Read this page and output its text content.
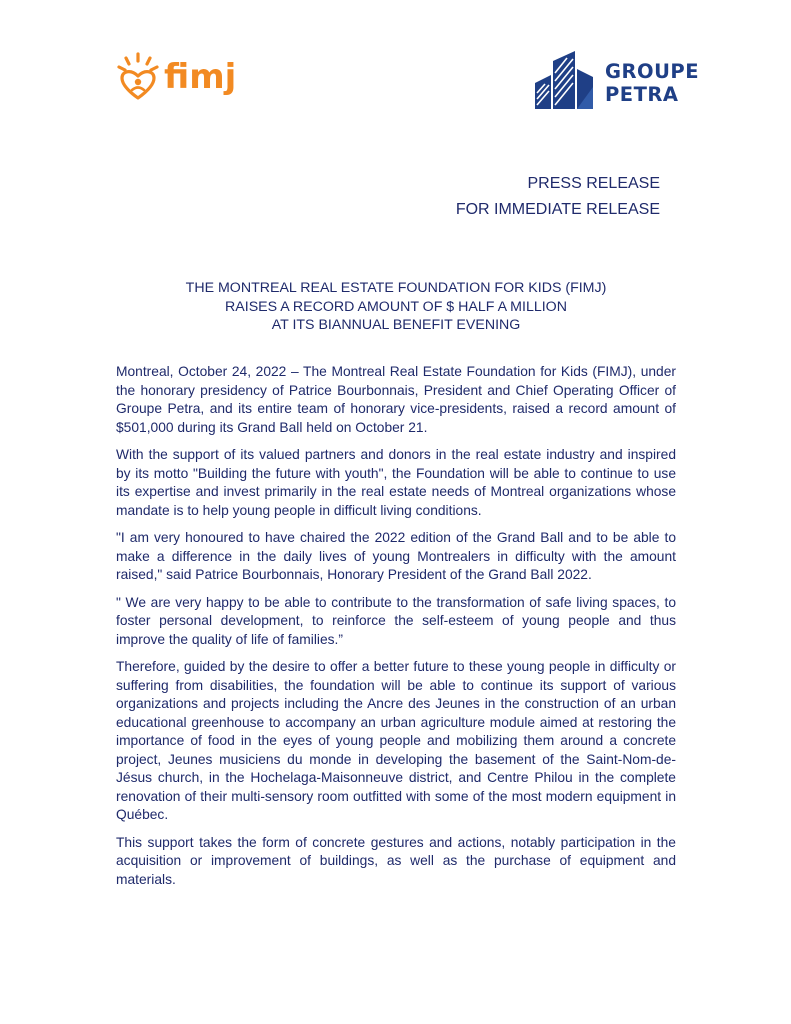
fimj	GROUPE
PETRA
PRESS RELEASE
FOR IMMEDIATE RELEASE
THE MONTREAL REAL ESTATE FOUNDATION FOR KIDS (FIMJ)
RAISES A RECORD AMOUNT OF $ HALF A MILLION
AT ITS BIANNUAL BENEFIT EVENING

Montreal, October 24, 2022 – The Montreal Real Estate Foundation for Kids (FIMJ), under the honorary presidency of Patrice Bourbonnais, President and Chief Operating Officer of Groupe Petra, and its entire team of honorary vice-presidents, raised a record amount of $501,000 during its Grand Ball held on October 21.

With the support of its valued partners and donors in the real estate industry and inspired by its motto "Building the future with youth", the Foundation will be able to continue to use its expertise and invest primarily in the real estate needs of Montreal organizations whose mandate is to help young people in difficult living conditions.

"I am very honoured to have chaired the 2022 edition of the Grand Ball and to be able to make a difference in the daily lives of young Montrealers in difficulty with the amount raised," said Patrice Bourbonnais, Honorary President of the Grand Ball 2022.

" We are very happy to be able to contribute to the transformation of safe living spaces, to foster personal development, to reinforce the self-esteem of young people and thus improve the quality of life of families.”

Therefore, guided by the desire to offer a better future to these young people in difficulty or suffering from disabilities, the foundation will be able to continue its support of various organizations and projects including the Ancre des Jeunes in the construction of an urban educational greenhouse to accompany an urban agriculture module aimed at restoring the importance of food in the eyes of young people and mobilizing them around a concrete project, Jeunes musiciens du monde in developing the basement of the Saint-Nom-de-Jésus church, in the Hochelaga-Maisonneuve district, and Centre Philou in the complete renovation of their multi-sensory room outfitted with some of the most modern equipment in Québec.

This support takes the form of concrete gestures and actions, notably participation in the acquisition or improvement of buildings, as well as the purchase of equipment and materials.
